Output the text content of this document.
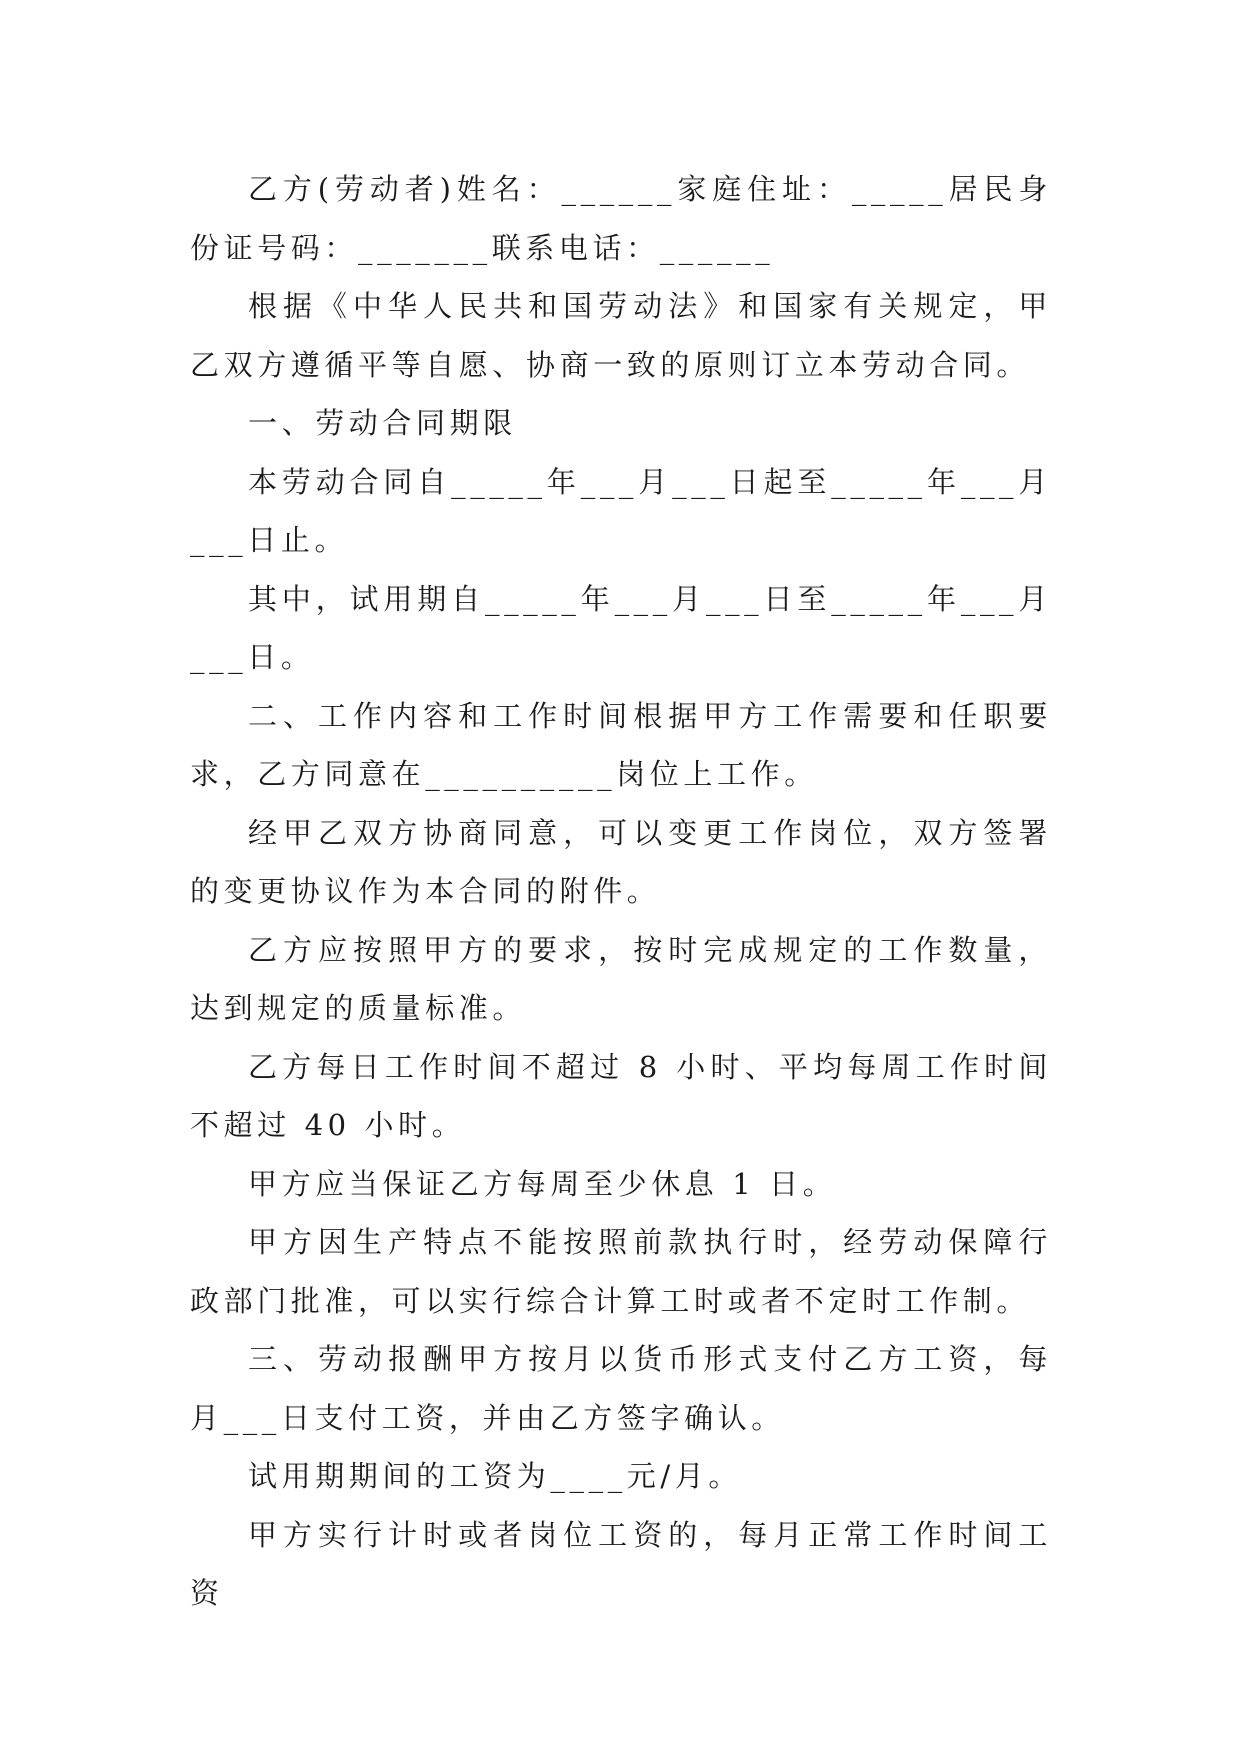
乙方(劳动者)姓名：______家庭住址：_____居民身份证号码：_______联系电话：______

根据《中华人民共和国劳动法》和国家有关规定，甲乙双方遵循平等自愿、协商一致的原则订立本劳动合同。

一、劳动合同期限

本劳动合同自_____年___月___日起至_____年___月___日止。

其中，试用期自_____年___月___日至_____年___月___日。

二、工作内容和工作时间根据甲方工作需要和任职要求，乙方同意在__________岗位上工作。

经甲乙双方协商同意，可以变更工作岗位，双方签署的变更协议作为本合同的附件。

乙方应按照甲方的要求，按时完成规定的工作数量，达到规定的质量标准。

乙方每日工作时间不超过 8 小时、平均每周工作时间不超过 40 小时。

甲方应当保证乙方每周至少休息 1 日。

甲方因生产特点不能按照前款执行时，经劳动保障行政部门批准，可以实行综合计算工时或者不定时工作制。

三、劳动报酬甲方按月以货币形式支付乙方工资，每月___日支付工资，并由乙方签字确认。

试用期期间的工资为____元/月。

甲方实行计时或者岗位工资的，每月正常工作时间工资
